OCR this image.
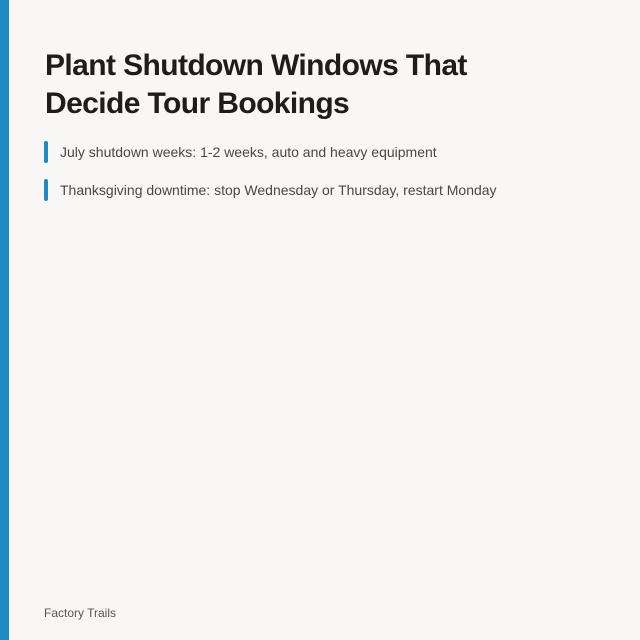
Plant Shutdown Windows That Decide Tour Bookings
July shutdown weeks: 1-2 weeks, auto and heavy equipment
Thanksgiving downtime: stop Wednesday or Thursday, restart Monday
Factory Trails
